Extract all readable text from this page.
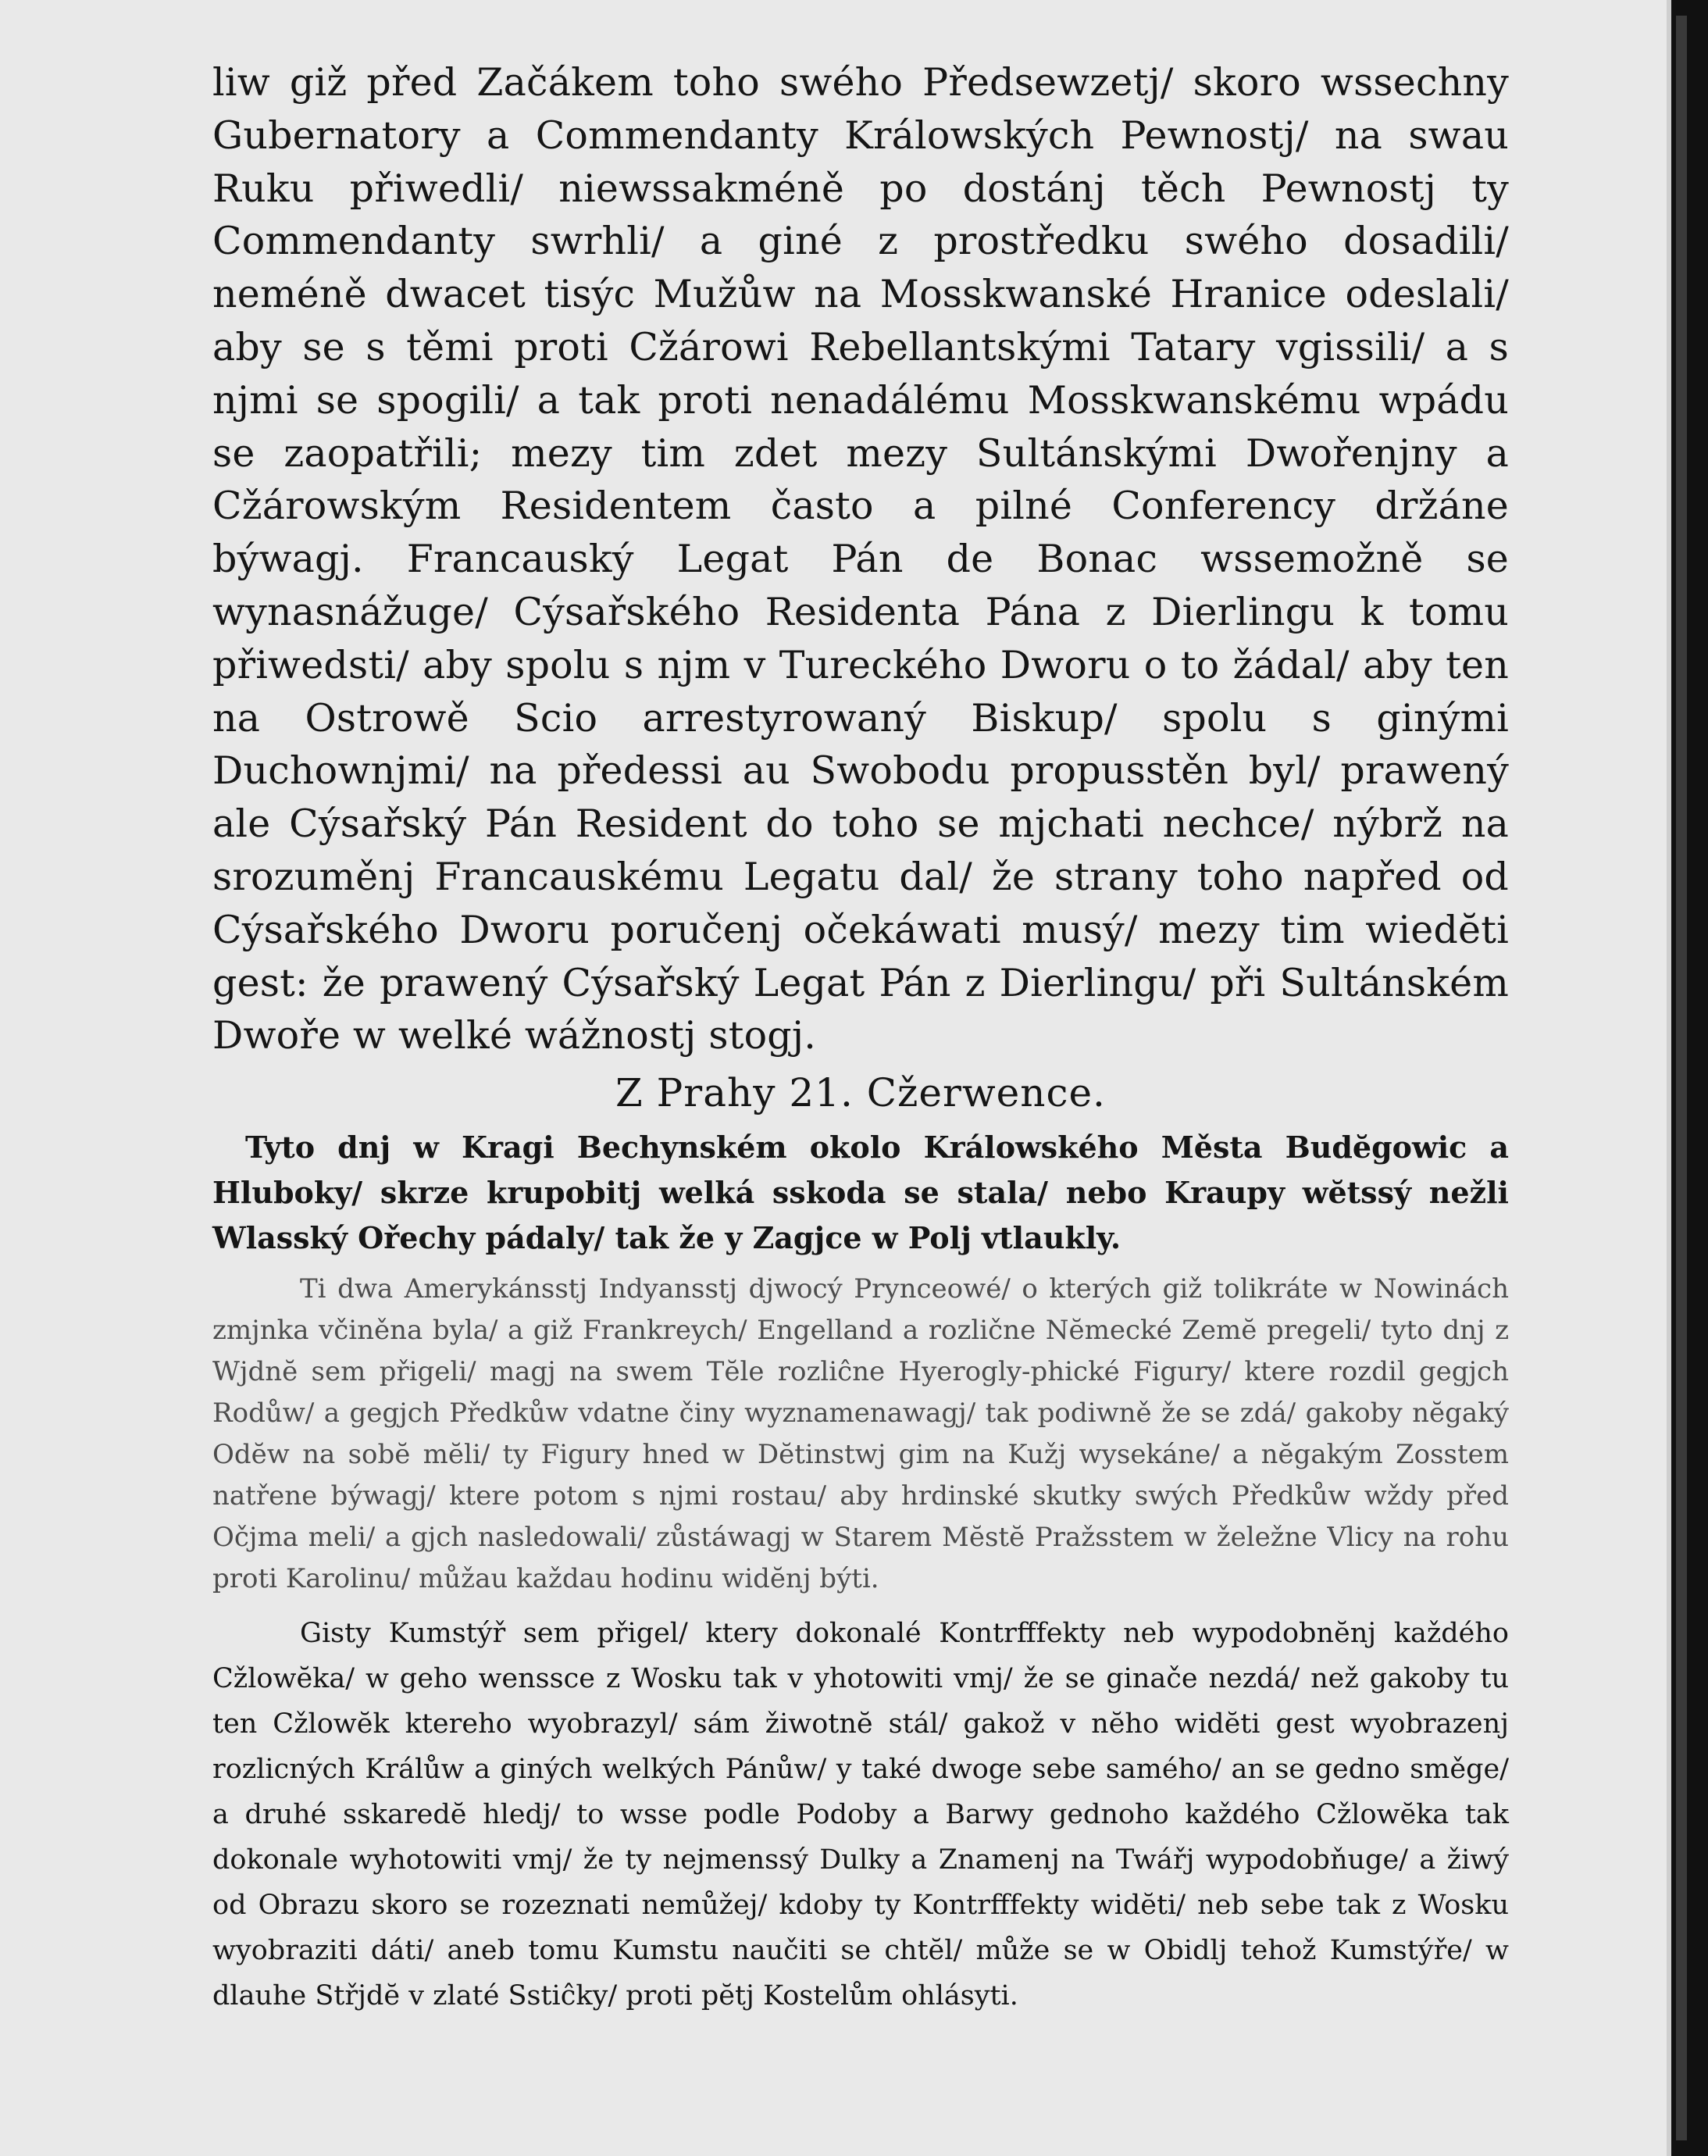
liw giž před Začákem toho swého Předsewzetj/ skoro wssechny Gubernatory a Commendanty Králowských Pewnostj/ na swau Ruku přiwedli/ niewssakméně po dostánj těch Pewnostj ty Commendanty swrhli/ a giné z prostředku swého dosadili/ neméně dwacet tisýc Mužůw na Mosskwanské Hranice odeslali/ aby se s těmi proti Cžárowi Rebellantskými Tatary vgissili/ a s njmi se spogili/ a tak proti nenadálému Mosskwanskému wpádu se zaopatřili; mezy tim zdet mezy Sultánskými Dwořenjny a Cžárowským Residentem často a pilné Conferency držáne býwagj. Francauský Legat Pán de Bonac wssemožně se wynasnážuge/ Cýsařského Residenta Pána z Dierlingu k tomu přiwedsti/ aby spolu s njm v Tureckého Dworu o to žádal/ aby ten na Ostrowě Scio arrestyrowaný Biskup/ spolu s ginými Duchownjmi/ na předessi au Swobodu propusstěn byl/ prawený ale Cýsařský Pán Resident do toho se mjchati nechce/ nýbrž na srozuměnj Francauskému Legatu dal/ že strany toho napřed od Cýsařského Dworu poručenj očekáwati musý/ mezy tim wiedĕti gest: že prawený Cýsařský Legat Pán z Dierlingu/ při Sultánském Dwoře w welké wážnostj stogj.

Z Prahy 21. Cžerwence.

Tyto dnj w Kragi Bechynském okolo Králowského Města Budĕgowic a Hluboky/ skrze krupobitj welká sskoda se stala/ nebo Kraupy wĕtssý nežli Wlasský Ořechy pádaly/ tak že y Zagjce w Polj vtlaukly.

Ti dwa Amerykánsstj Indyansstj djwocý Prynceowé/ o kterých giž tolikráte w Nowinách zmjnka včiněna byla/ a giž Frankreych/ Engelland a rozlične Nĕmecké Zemĕ pregeli/ tyto dnj z Wjdnĕ sem přigeli/ magj na swem Tĕle rozliĉne Hyerogly-phické Figury/ ktere rozdil gegjch Rodůw/ a gegjch Předkůw vdatne činy wyznamenawagj/ tak podiwně že se zdá/ gakoby nĕgaký Odĕw na sobĕ mĕli/ ty Figury hned w Dĕtinstwj gim na Kužj wysekáne/ a nĕgakým Zosstem natřene býwagj/ ktere potom s njmi rostau/ aby hrdinské skutky swých Předkůw wždy před Očjma meli/ a gjch nasledowali/ zůstáwagj w Starem Mĕstĕ Pražsstem w želežne Vlicy na rohu proti Karolinu/ můžau každau hodinu widĕnj býti.

Gisty Kumstýř sem přigel/ ktery dokonalé Kontrfffekty neb wypodobnĕnj každého Cžlowĕka/ w geho wenssce z Wosku tak v yhotowiti vmj/ že se ginače nezdá/ než gakoby tu ten Cžlowĕk ktereho wyobrazyl/ sám žiwotnĕ stál/ gakož v nĕho widĕti gest wyobrazenj rozlicných Králůw a giných welkých Pánůw/ y také dwoge sebe samého/ an se gedno směge/ a druhé sskaredĕ hledj/ to wsse podle Podoby a Barwy gednoho každého Cžlowĕka tak dokonale wyhotowiti vmj/ že ty nejmenssý Dulky a Znamenj na Twářj wypodobňuge/ a žiwý od Obrazu skoro se rozeznati nemůžej/ kdoby ty Kontrfffekty widĕti/ neb sebe tak z Wosku wyobraziti dáti/ aneb tomu Kumstu naučiti se chtĕl/ může se w Obidlj tehož Kumstýře/ w dlauhe Střjdĕ v zlaté Sstiĉky/ proti pĕtj Kostelům ohlásyti.
